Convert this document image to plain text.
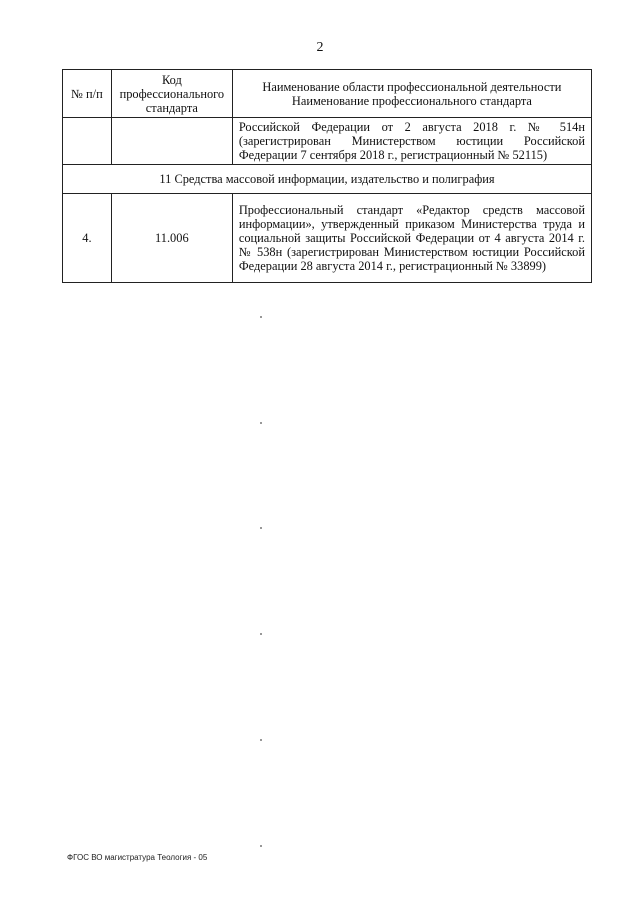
2
№ п/п	Код профессионального стандарта	Наименование области профессиональной деятельности
Наименование профессионального стандарта

		Российской Федерации от 2 августа 2018 г. № 514н (зарегистрирован Министерством юстиции Российской Федерации 7 сентября 2018 г., регистрационный № 52115)
11 Средства массовой информации, издательство и полиграфия		
4.	11.006	Профессиональный стандарт «Редактор средств массовой информации», утвержденный приказом Министерства труда и социальной защиты Российской Федерации от 4 августа 2014 г. № 538н (зарегистрирован Министерством юстиции Российской Федерации 28 августа 2014 г., регистрационный № 33899)
ФГОС ВО магистратура Теология - 05
